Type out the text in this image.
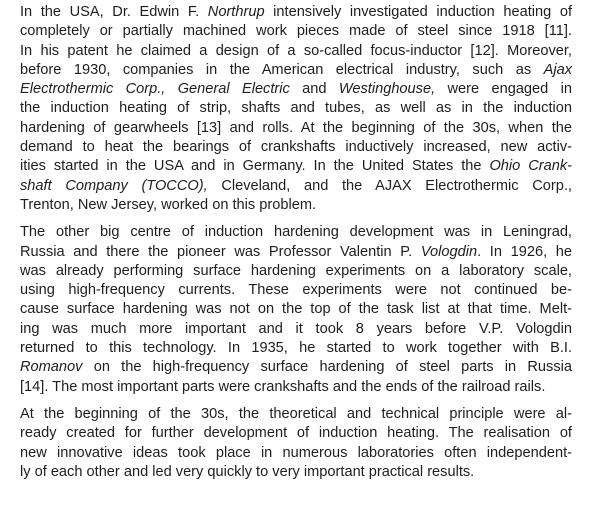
In the USA, Dr. Edwin F. Northrup intensively investigated induction heating of
completely or partially machined work pieces made of steel since 1918 [11].
In his patent he claimed a design of a so-called focus-inductor [12]. Moreover,
before 1930, companies in the American electrical industry, such as Ajax
Electrothermic Corp., General Electric and Westinghouse, were engaged in
the induction heating of strip, shafts and tubes, as well as in the induction
hardening of gearwheels [13] and rolls. At the beginning of the 30s, when the
demand to heat the bearings of crankshafts inductively increased, new activ-
ities started in the USA and in Germany. In the United States the Ohio Crank-
shaft Company (TOCCO), Cleveland, and the AJAX Electrothermic Corp.,
Trenton, New Jersey, worked on this problem.
The other big centre of induction hardening development was in Leningrad,
Russia and there the pioneer was Professor Valentin P. Vologdin. In 1926, he
was already performing surface hardening experiments on a laboratory scale,
using high-frequency currents. These experiments were not continued be-
cause surface hardening was not on the top of the task list at that time. Melt-
ing was much more important and it took 8 years before V.P. Vologdin
returned to this technology. In 1935, he started to work together with B.I.
Romanov on the high-frequency surface hardening of steel parts in Russia
[14]. The most important parts were crankshafts and the ends of the railroad rails.
At the beginning of the 30s, the theoretical and technical principle were al-
ready created for further development of induction heating. The realisation of
new innovative ideas took place in numerous laboratories often independent-
ly of each other and led very quickly to very important practical results.
